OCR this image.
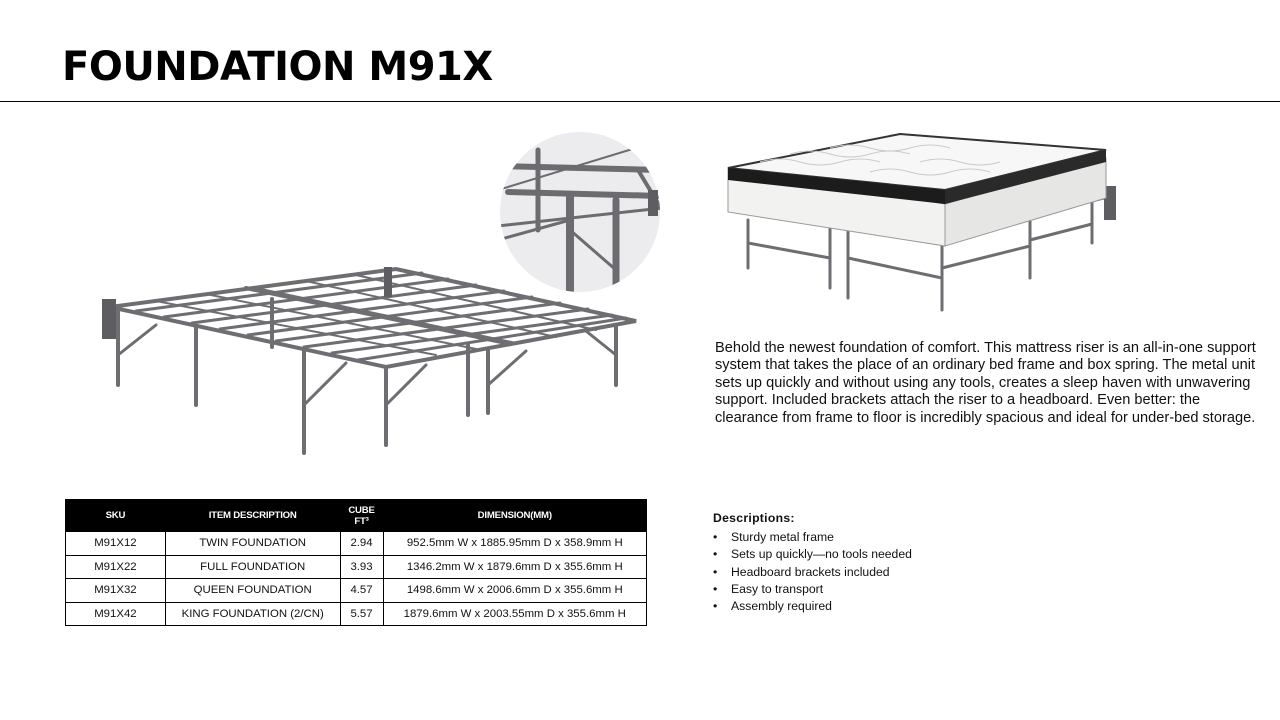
FOUNDATION M91X

Behold the newest foundation of comfort. This mattress riser is an all-in-one support system that takes the place of an ordinary bed frame and box spring. The metal unit sets up quickly and without using any tools, creates a sleep haven with unwavering support. Included brackets attach the riser to a headboard. Even better: the clearance from frame to floor is incredibly spacious and ideal for under-bed storage.

SKU	ITEM DESCRIPTION	CUBE FT³	DIMENSION(MM)
M91X12	TWIN FOUNDATION	2.94	952.5mm W x 1885.95mm D x 358.9mm H
M91X22	FULL FOUNDATION	3.93	1346.2mm W x 1879.6mm D x 355.6mm H
M91X32	QUEEN FOUNDATION	4.57	1498.6mm W x 2006.6mm D x 355.6mm H
M91X42	KING FOUNDATION (2/CN)	5.57	1879.6mm W x 2003.55mm D x 355.6mm H
Descriptions:
• Sturdy metal frame
• Sets up quickly—no tools needed
• Headboard brackets included
• Easy to transport
• Assembly required
